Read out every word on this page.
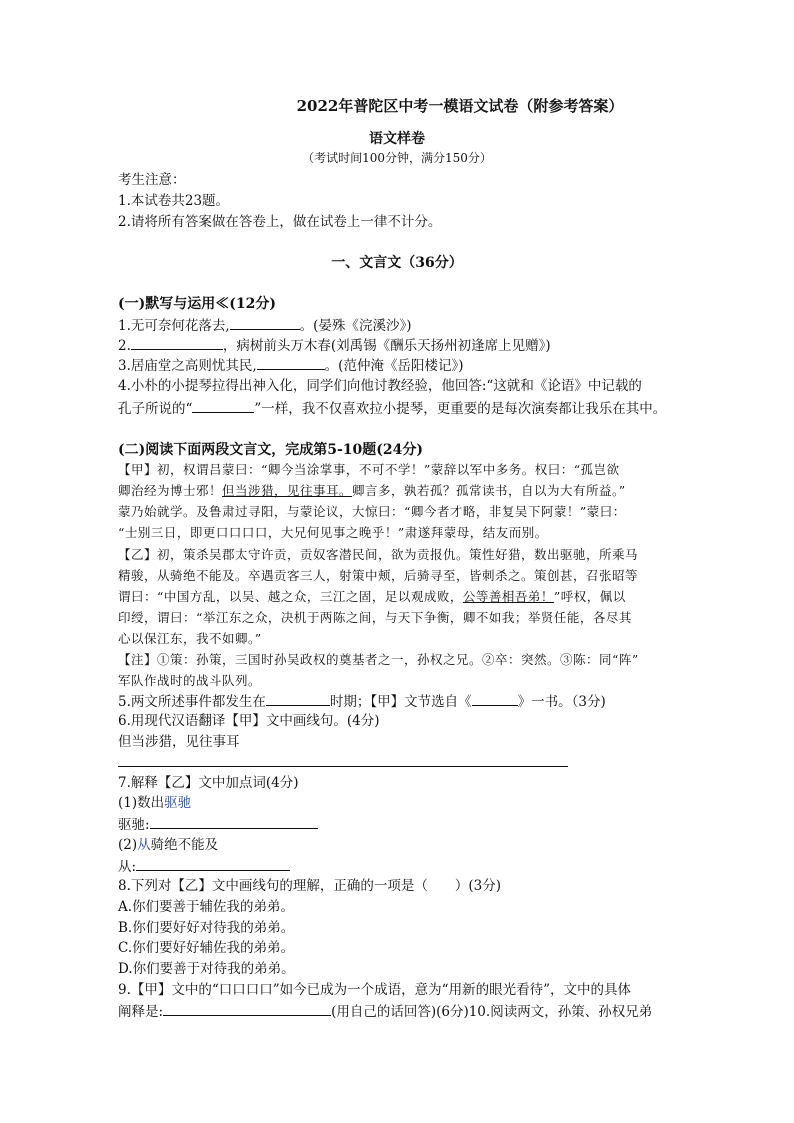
2022年普陀区中考一模语文试卷（附参考答案）
语文样卷
（考试时间100分钟，满分150分）
考生注意：
1.本试卷共23题。
2.请将所有答案做在答卷上，做在试卷上一律不计分。
一、文言文（36分）
(一)默写与运用≪(12分)
1.无可奈何花落去,	。(晏殊《浣溪沙》)
2.	，病树前头万木春(刘禹锡《酬乐天扬州初逢席上见赠》)
3.居庙堂之高则忧其民,	。(范仲淹《岳阳楼记》)
4.小朴的小提琴拉得出神入化，同学们向他讨教经验，他回答:“这就和《论语》中记载的
孔子所说的“	”一样，我不仅喜欢拉小提琴，更重要的是每次演奏都让我乐在其中。
(二)阅读下面两段文言文，完成第5-10题(24分)
【甲】初，权谓吕蒙曰：“卿今当涂掌事，不可不学！”蒙辞以军中多务。权曰：“孤岂欲
卿治经为博士邪！但当涉猎，见往事耳。卿言多，孰若孤？孤常读书，自以为大有所益。”
蒙乃始就学。及鲁肃过寻阳，与蒙论议，大惊曰：“卿今者才略，非复吴下阿蒙！”蒙曰：
“士别三日，即更口口口口，大兄何见事之晚乎！”肃遂拜蒙母，结友而别。
【乙】初，策杀吴郡太守许贡，贡奴客潜民间，欲为贡报仇。策性好猎，数出驱驰，所乘马
精骏，从骑绝不能及。卒遇贡客三人，射策中颊，后骑寻至，皆刺杀之。策创甚，召张昭等
谓曰：“中国方乱，以吴、越之众，三江之固，足以观成败，公等善相吾弟！”呼权，佩以
印绶，谓曰：“举江东之众，决机于两陈之间，与天下争衡，卿不如我；举贤任能，各尽其
心以保江东，我不如卿。”
【注】①策：孙策，三国时孙吴政权的奠基者之一，孙权之兄。②卒：突然。③陈：同“阵”
军队作战时的战斗队列。
5.两文所述事件都发生在	时期；【甲】文节选自《	》一书。（3分)
6.用现代汉语翻译【甲】文中画线句。(4分)
但当涉猎，见往事耳
7.解释【乙】文中加点词(4分)
(1)数出驱驰
驱驰:
(2)从骑绝不能及
从:
8.下列对【乙】文中画线句的理解，正确的一项是（　　）(3分)
A.你们要善于辅佐我的弟弟。
B.你们要好好对待我的弟弟。
C.你们要好好辅佐我的弟弟。
D.你们要善于对待我的弟弟。
9.【甲】文中的“口口口口”如今已成为一个成语，意为“用新的眼光看待”，文中的具体
阐释是:	(用自己的话回答)(6分)10.阅读两文，孙策、孙权兄弟
